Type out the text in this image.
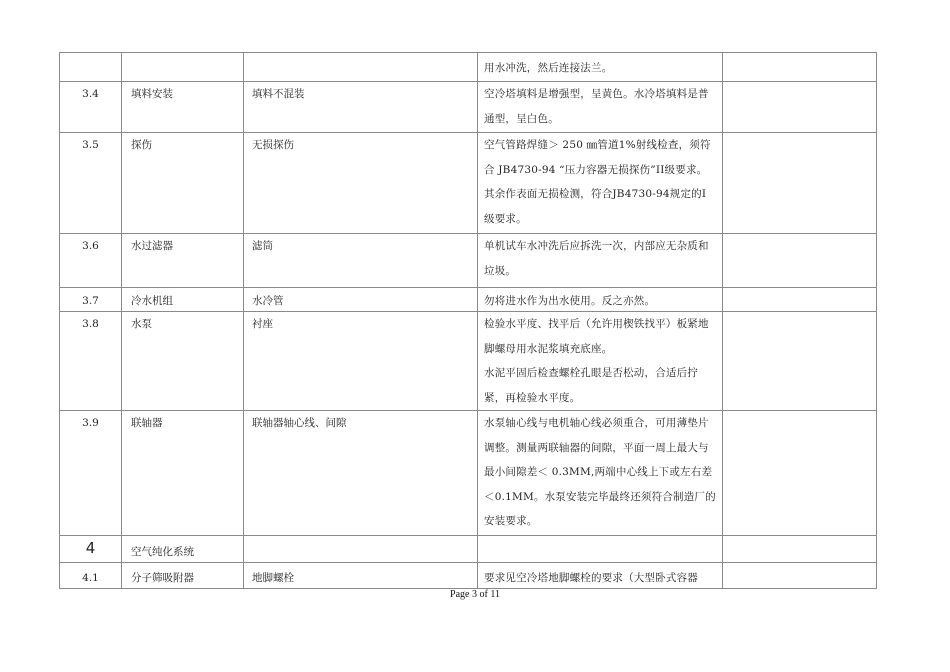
			用水冲洗，然后连接法兰。	

3.4	填料安装	填料不混装	空冷塔填料是增强型，呈黄色。水冷塔填料是普
通型，呈白色。	

3.5	探伤	无损探伤	空气管路焊缝＞ 250 ㎜管道1%射线检查，须符
合 JB4730-94 “压力容器无损探伤”II级要求。
其余作表面无损检测，符合JB4730-94规定的I
级要求。	

3.6	水过滤器	滤筒	单机试车水冲洗后应拆洗一次，内部应无杂质和
垃圾。	

3.7	冷水机组	水冷管	勿将进水作为出水使用。反之亦然。	

3.8	水泵	衬座	检验水平度、找平后（允许用楔铁找平）板紧地
脚螺母用水泥浆填充底座。
水泥平固后检查螺栓孔眼是否松动，合适后拧
紧，再检验水平度。	

3.9	联轴器	联轴器轴心线、间隙	水泵轴心线与电机轴心线必须重合，可用薄垫片
调整。测量两联轴器的间隙，平面一周上最大与
最小间隙差＜ 0.3MM,两端中心线上下或左右差
＜0.1MM。水泵安装完毕最终还须符合制造厂的
安装要求。	

4	空气纯化系统			
4.1	分子筛吸附器	地脚螺栓	要求见空冷塔地脚螺栓的要求（大型卧式容器	

Page 3 of 11
